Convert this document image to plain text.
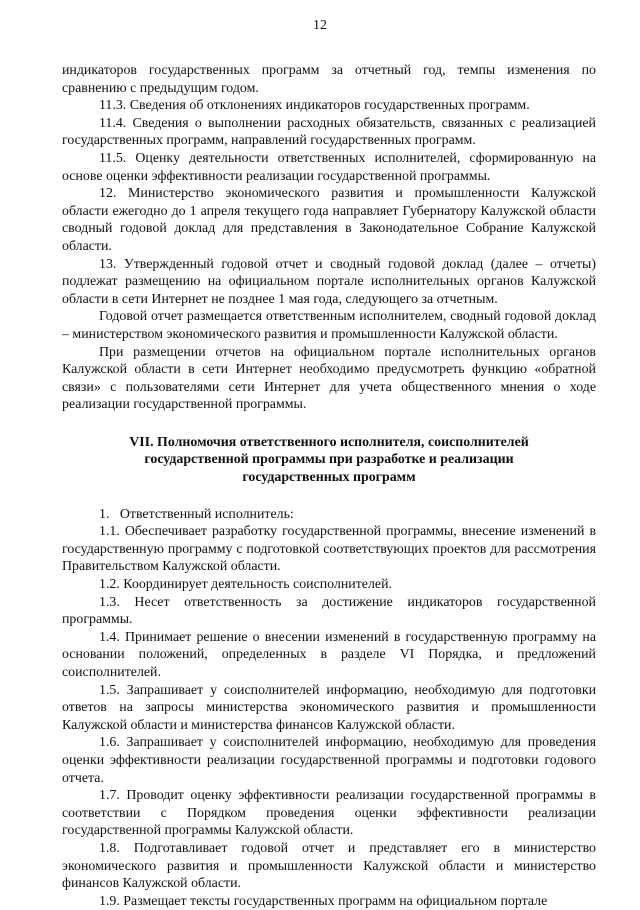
12

индикаторов государственных программ за отчетный год, темпы изменения по сравнению с предыдущим годом.

11.3. Сведения об отклонениях индикаторов государственных программ.

11.4. Сведения о выполнении расходных обязательств, связанных с реализацией государственных программ, направлений государственных программ.

11.5. Оценку деятельности ответственных исполнителей, сформированную на основе оценки эффективности реализации государственной программы.

12. Министерство экономического развития и промышленности Калужской области ежегодно до 1 апреля текущего года направляет Губернатору Калужской области сводный годовой доклад для представления в Законодательное Собрание Калужской области.

13. Утвержденный годовой отчет и сводный годовой доклад (далее – отчеты) подлежат размещению на официальном портале исполнительных органов Калужской области в сети Интернет не позднее 1 мая года, следующего за отчетным.

Годовой отчет размещается ответственным исполнителем, сводный годовой доклад – министерством экономического развития и промышленности Калужской области.

При размещении отчетов на официальном портале исполнительных органов Калужской области в сети Интернет необходимо предусмотреть функцию «обратной связи» с пользователями сети Интернет для учета общественного мнения о ходе реализации государственной программы.

VII. Полномочия ответственного исполнителя, соисполнителей
государственной программы при разработке и реализации
государственных программ

1.   Ответственный исполнитель:

1.1. Обеспечивает разработку государственной программы, внесение изменений в государственную программу с подготовкой соответствующих проектов для рассмотрения Правительством Калужской области.

1.2. Координирует деятельность соисполнителей.

1.3. Несет ответственность за достижение индикаторов государственной программы.

1.4. Принимает решение о внесении изменений в государственную программу на основании положений, определенных в разделе VI Порядка, и предложений соисполнителей.

1.5. Запрашивает у соисполнителей информацию, необходимую для подготовки ответов на запросы министерства экономического развития и промышленности Калужской области и министерства финансов Калужской области.

1.6. Запрашивает у соисполнителей информацию, необходимую для проведения оценки эффективности реализации государственной программы и подготовки годового отчета.

1.7. Проводит оценку эффективности реализации государственной программы в соответствии с Порядком проведения оценки эффективности реализации государственной программы Калужской области.

1.8. Подготавливает годовой отчет и представляет его в министерство экономического развития и промышленности Калужской области и министерство финансов Калужской области.

1.9. Размещает тексты государственных программ на официальном портале
